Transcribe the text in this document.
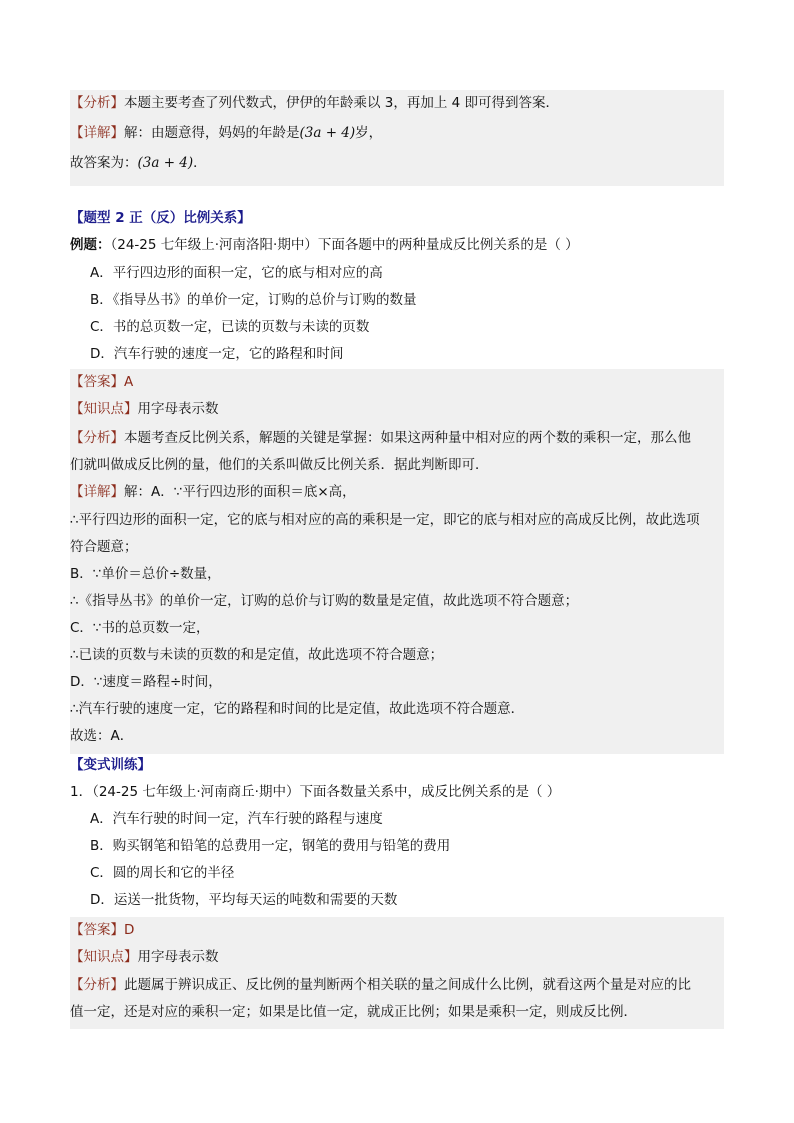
【分析】本题主要考查了列代数式，伊伊的年龄乘以 3，再加上 4 即可得到答案．
【详解】解：由题意得，妈妈的年龄是(3a + 4)岁，
故答案为：(3a + 4)．
【题型 2 正（反）比例关系】
例题：（24-25 七年级上·河南洛阳·期中）下面各题中的两种量成反比例关系的是（ ）
A．平行四边形的面积一定，它的底与相对应的高
B．《指导丛书》的单价一定，订购的总价与订购的数量
C．书的总页数一定，已读的页数与未读的页数
D．汽车行驶的速度一定，它的路程和时间
【答案】A
【知识点】用字母表示数
【分析】本题考查反比例关系，解题的关键是掌握：如果这两种量中相对应的两个数的乘积一定，那么他
们就叫做成反比例的量，他们的关系叫做反比例关系．据此判断即可．
【详解】解：A．∵平行四边形的面积＝底×高，
∴平行四边形的面积一定，它的底与相对应的高的乘积是一定，即它的底与相对应的高成反比例，故此选项
符合题意；
B．∵单价＝总价÷数量，
∴《指导丛书》的单价一定，订购的总价与订购的数量是定值，故此选项不符合题意；
C．∵书的总页数一定，
∴已读的页数与未读的页数的和是定值，故此选项不符合题意；
D．∵速度＝路程÷时间，
∴汽车行驶的速度一定，它的路程和时间的比是定值，故此选项不符合题意．
故选：A．
【变式训练】
1．（24-25 七年级上·河南商丘·期中）下面各数量关系中，成反比例关系的是（ ）
A．汽车行驶的时间一定，汽车行驶的路程与速度
B．购买钢笔和铅笔的总费用一定，钢笔的费用与铅笔的费用
C．圆的周长和它的半径
D．运送一批货物，平均每天运的吨数和需要的天数
【答案】D
【知识点】用字母表示数
【分析】此题属于辨识成正、反比例的量判断两个相关联的量之间成什么比例，就看这两个量是对应的比
值一定，还是对应的乘积一定；如果是比值一定，就成正比例；如果是乘积一定，则成反比例．
